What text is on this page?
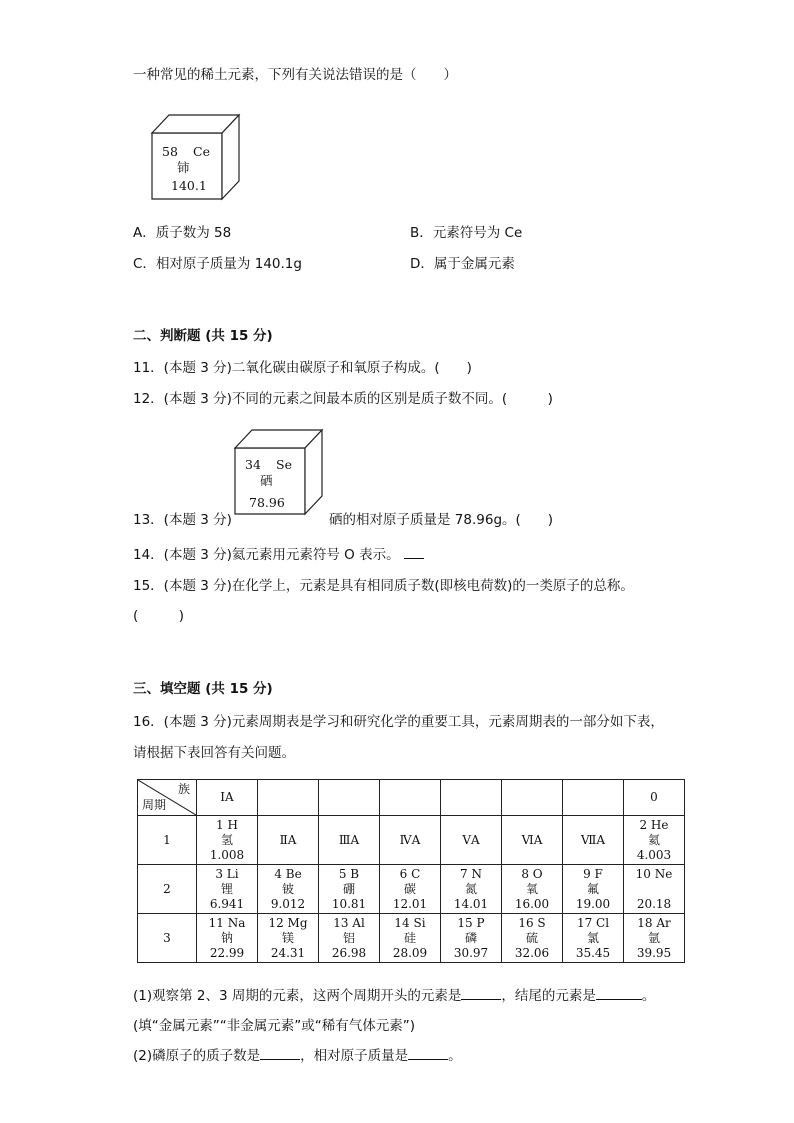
一种常见的稀土元素，下列有关说法错误的是（　　）
58 Ce
铈
140.1
A．质子数为 58	B．元素符号为 Ce
C．相对原子质量为 140.1g	D．属于金属元素
二、判断题 (共 15 分)
11．(本题 3 分)二氧化碳由碳原子和氧原子构成。(　　)
12．(本题 3 分)不同的元素之间最本质的区别是质子数不同。(　　　)
34 Se
硒
78.96
13．(本题 3 分)	硒的相对原子质量是 78.96g。(　　)
14．(本题 3 分)氦元素用元素符号 O 表示。
15．(本题 3 分)在化学上，元素是具有相同质子数(即核电荷数)的一类原子的总称。
(　　　)
三、填空题 (共 15 分)
16．(本题 3 分)元素周期表是学习和研究化学的重要工具，元素周期表的一部分如下表，
请根据下表回答有关问题。
族
周期	ⅠA							0
1	1 H
氢
1.008	ⅡA	ⅢA	ⅣA	ⅤA	ⅥA	ⅦA	2 He
氦
4.003

2	3 Li
锂
6.941	4 Be
铍
9.012	5 B
硼
10.81	6 C
碳
12.01	7 N
氮
14.01	8 O
氧
16.00	9 F
氟
19.00	10 Ne

20.18

3	11 Na
钠
22.99	12 Mg
镁
24.31	13 Al
铝
26.98	14 Si
硅
28.09	15 P
磷
30.97	16 S
硫
32.06	17 Cl
氯
35.45	18 Ar
氩
39.95
(1)观察第 2、3 周期的元素，这两个周期开头的元素是	，结尾的元素是	。
(填“金属元素”“非金属元素”或“稀有气体元素”)
(2)磷原子的质子数是	，相对原子质量是	。
